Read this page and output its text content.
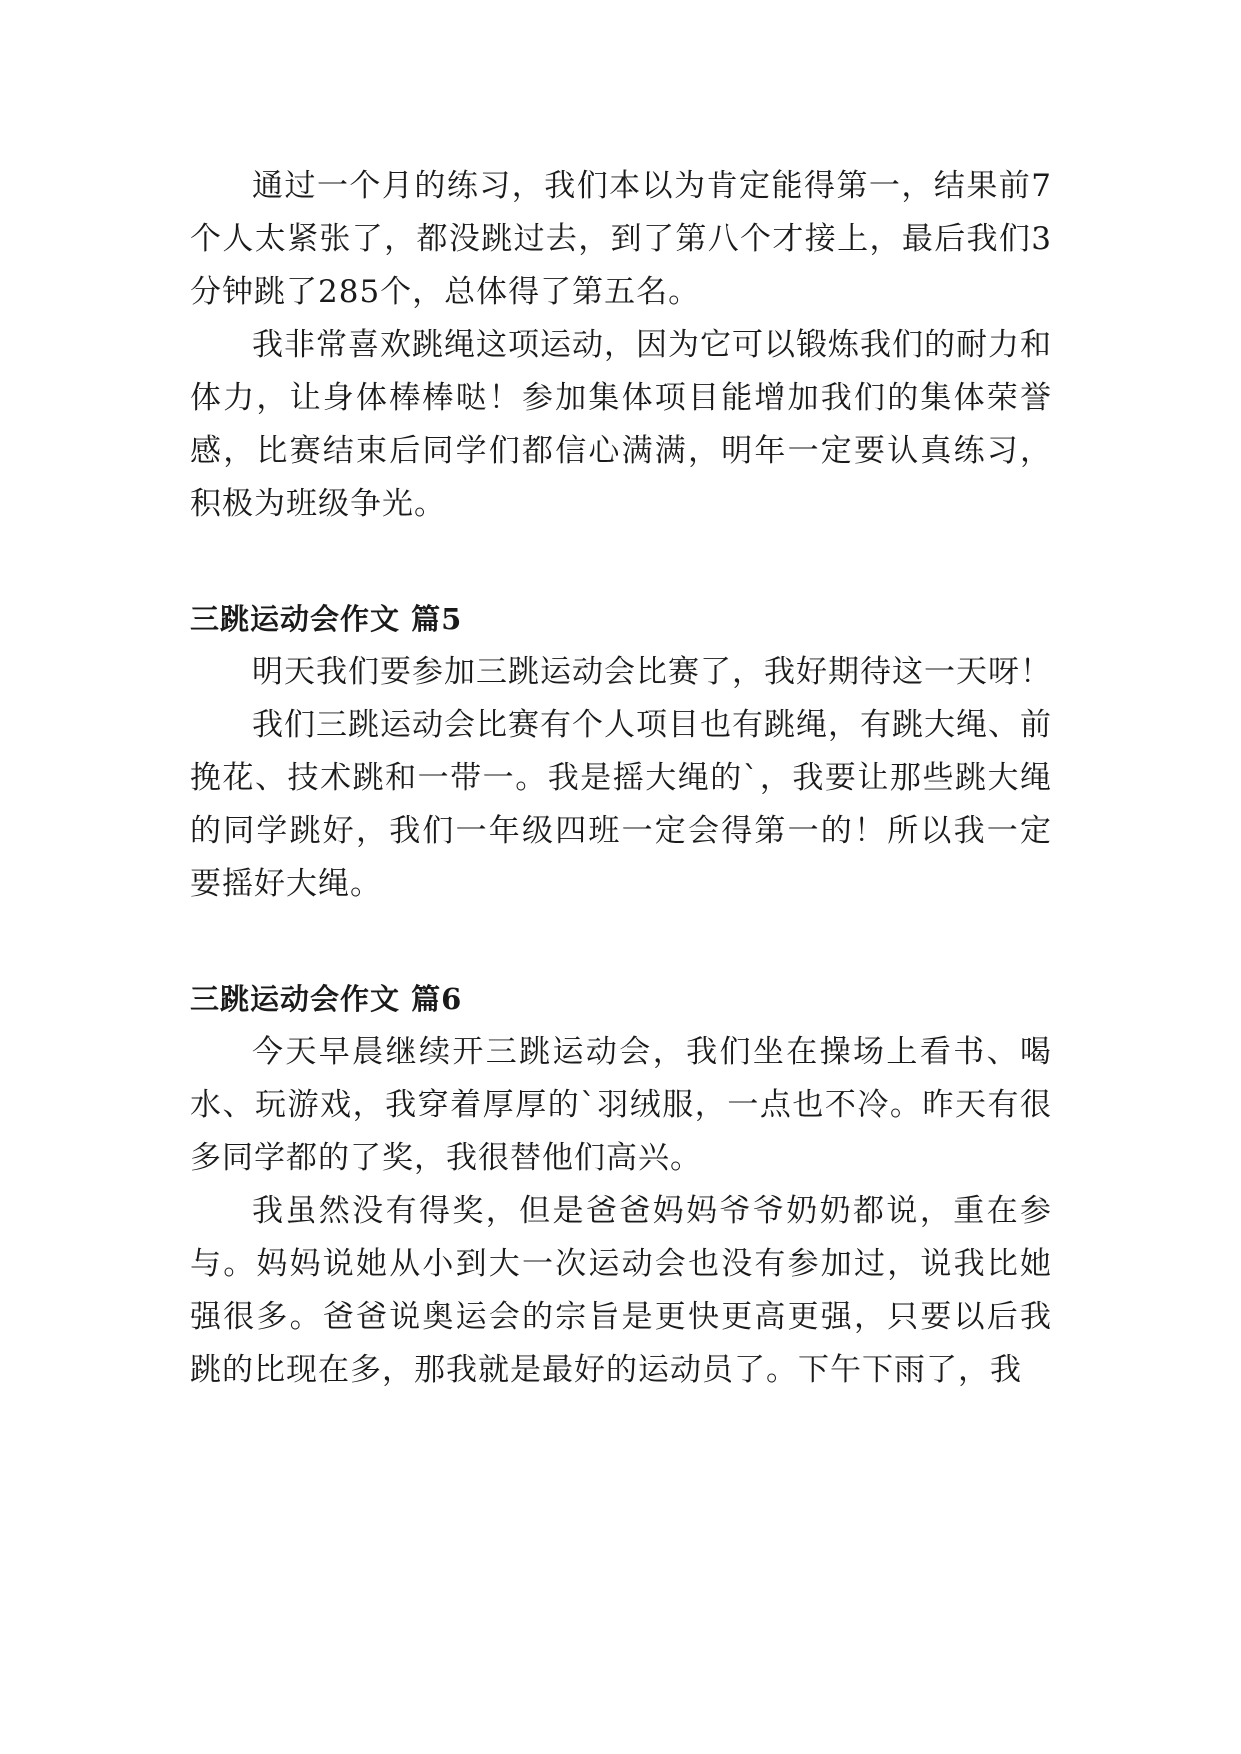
通过一个月的练习，我们本以为肯定能得第一，结果前7个人太紧张了，都没跳过去，到了第八个才接上，最后我们3分钟跳了285个，总体得了第五名。

我非常喜欢跳绳这项运动，因为它可以锻炼我们的耐力和体力，让身体棒棒哒！参加集体项目能增加我们的集体荣誉感，比赛结束后同学们都信心满满，明年一定要认真练习，积极为班级争光。

三跳运动会作文 篇5

明天我们要参加三跳运动会比赛了，我好期待这一天呀！

我们三跳运动会比赛有个人项目也有跳绳，有跳大绳、前挽花、技术跳和一带一。我是摇大绳的`，我要让那些跳大绳的同学跳好，我们一年级四班一定会得第一的！所以我一定要摇好大绳。

三跳运动会作文 篇6

今天早晨继续开三跳运动会，我们坐在操场上看书、喝水、玩游戏，我穿着厚厚的`羽绒服，一点也不冷。昨天有很多同学都的了奖，我很替他们高兴。

我虽然没有得奖，但是爸爸妈妈爷爷奶奶都说，重在参与。妈妈说她从小到大一次运动会也没有参加过，说我比她强很多。爸爸说奥运会的宗旨是更快更高更强，只要以后我跳的比现在多，那我就是最好的运动员了。下午下雨了，我
